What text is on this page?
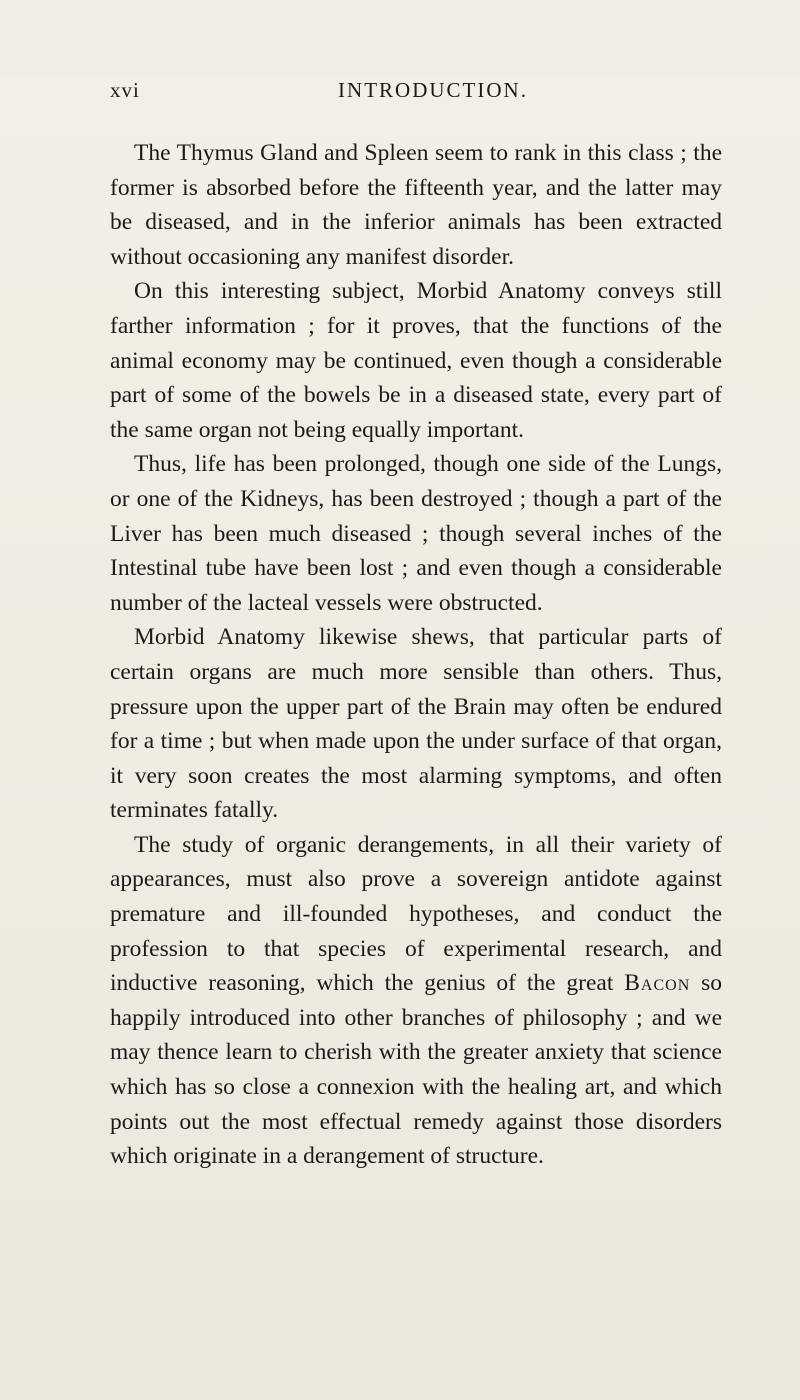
xvi	INTRODUCTION.

The Thymus Gland and Spleen seem to rank in this class ; the former is absorbed before the fifteenth year, and the latter may be diseased, and in the inferior animals has been extracted without occasioning any manifest disorder.

On this interesting subject, Morbid Anatomy conveys still farther information ; for it proves, that the functions of the animal economy may be continued, even though a considerable part of some of the bowels be in a diseased state, every part of the same organ not being equally important.

Thus, life has been prolonged, though one side of the Lungs, or one of the Kidneys, has been destroyed ; though a part of the Liver has been much diseased ; though several inches of the Intestinal tube have been lost ; and even though a considerable number of the lacteal vessels were obstructed.

Morbid Anatomy likewise shews, that particular parts of certain organs are much more sensible than others. Thus, pressure upon the upper part of the Brain may often be endured for a time ; but when made upon the under surface of that organ, it very soon creates the most alarming symptoms, and often terminates fatally.

The study of organic derangements, in all their variety of appearances, must also prove a sovereign antidote against premature and ill-founded hypotheses, and conduct the profession to that species of experimental research, and inductive reasoning, which the genius of the great Bacon so happily introduced into other branches of philosophy ; and we may thence learn to cherish with the greater anxiety that science which has so close a connexion with the healing art, and which points out the most effectual remedy against those disorders which originate in a derangement of structure.
